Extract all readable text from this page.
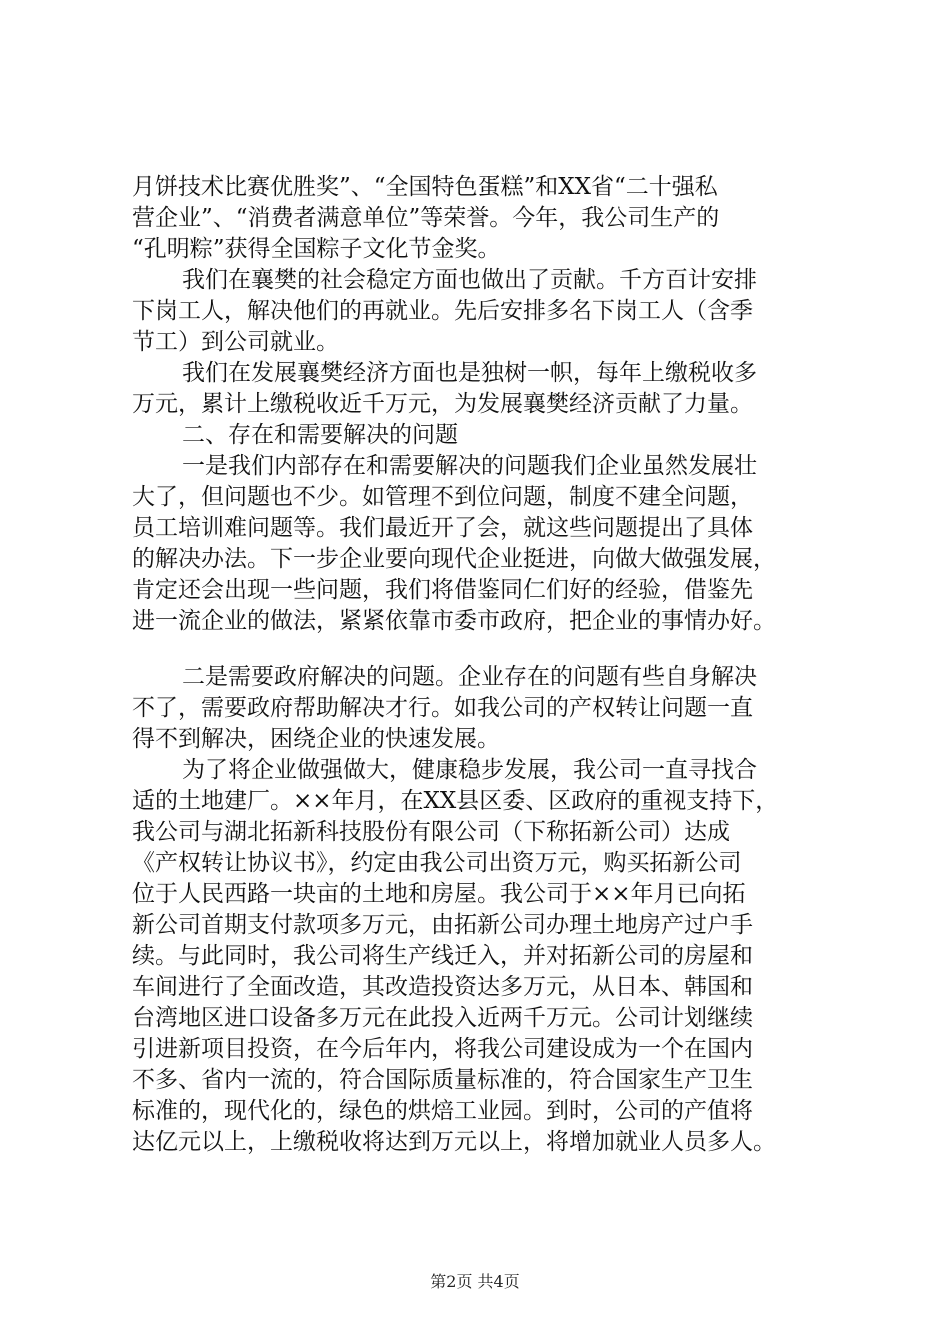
月饼技术比赛优胜奖”、“全国特色蛋糕”和XX省“二十强私
营企业”、“消费者满意单位”等荣誉。今年，我公司生产的
“孔明粽”获得全国粽子文化节金奖。
我们在襄樊的社会稳定方面也做出了贡献。千方百计安排
下岗工人，解决他们的再就业。先后安排多名下岗工人（含季
节工）到公司就业。
我们在发展襄樊经济方面也是独树一帜，每年上缴税收多
万元，累计上缴税收近千万元，为发展襄樊经济贡献了力量。
二、存在和需要解决的问题
一是我们内部存在和需要解决的问题我们企业虽然发展壮
大了，但问题也不少。如管理不到位问题，制度不建全问题，
员工培训难问题等。我们最近开了会，就这些问题提出了具体
的解决办法。下一步企业要向现代企业挺进，向做大做强发展，
肯定还会出现一些问题，我们将借鉴同仁们好的经验，借鉴先
进一流企业的做法，紧紧依靠市委市政府，把企业的事情办好。
二是需要政府解决的问题。企业存在的问题有些自身解决
不了，需要政府帮助解决才行。如我公司的产权转让问题一直
得不到解决，困绕企业的快速发展。
为了将企业做强做大，健康稳步发展，我公司一直寻找合
适的土地建厂。××年月，在XX县区委、区政府的重视支持下，
我公司与湖北拓新科技股份有限公司（下称拓新公司）达成
《产权转让协议书》，约定由我公司出资万元，购买拓新公司
位于人民西路一块亩的土地和房屋。我公司于××年月已向拓
新公司首期支付款项多万元，由拓新公司办理土地房产过户手
续。与此同时，我公司将生产线迁入，并对拓新公司的房屋和
车间进行了全面改造，其改造投资达多万元，从日本、韩国和
台湾地区进口设备多万元在此投入近两千万元。公司计划继续
引进新项目投资，在今后年内，将我公司建设成为一个在国内
不多、省内一流的，符合国际质量标准的，符合国家生产卫生
标准的，现代化的，绿色的烘焙工业园。到时，公司的产值将
达亿元以上，上缴税收将达到万元以上，将增加就业人员多人。
第2页 共4页
